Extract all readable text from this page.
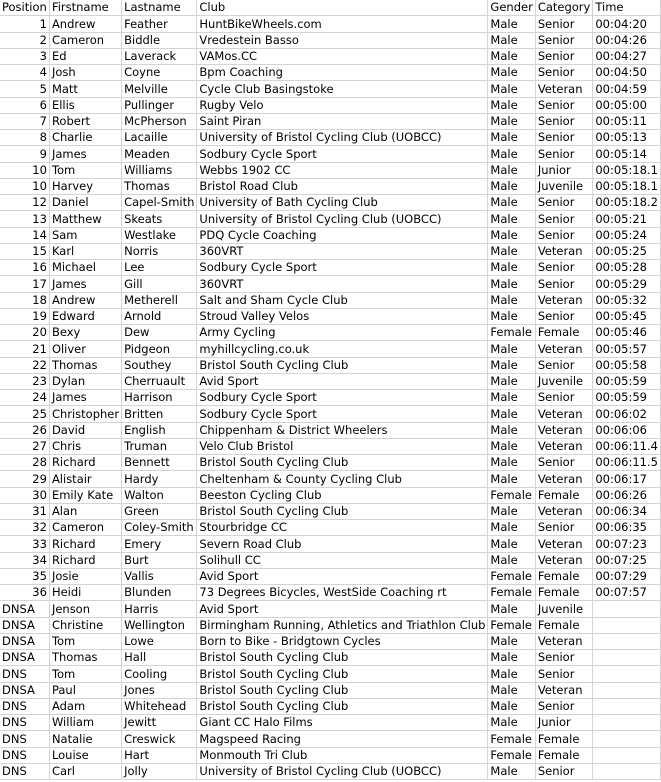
Position	Firstname	Lastname	Club	Gender	Category	Time
1	Andrew	Feather	HuntBikeWheels.com	Male	Senior	00:04:20
2	Cameron	Biddle	Vredestein Basso	Male	Senior	00:04:26
3	Ed	Laverack	VAMos.CC	Male	Senior	00:04:27
4	Josh	Coyne	Bpm Coaching	Male	Senior	00:04:50
5	Matt	Melville	Cycle Club Basingstoke	Male	Veteran	00:04:59
6	Ellis	Pullinger	Rugby Velo	Male	Senior	00:05:00
7	Robert	McPherson	Saint Piran	Male	Senior	00:05:11
8	Charlie	Lacaille	University of Bristol Cycling Club (UOBCC)	Male	Senior	00:05:13
9	James	Meaden	Sodbury Cycle Sport	Male	Senior	00:05:14
10	Tom	Williams	Webbs 1902 CC	Male	Junior	00:05:18.1
10	Harvey	Thomas	Bristol Road Club	Male	Juvenile	00:05:18.1
12	Daniel	Capel-Smith	University of Bath Cycling Club	Male	Senior	00:05:18.2
13	Matthew	Skeats	University of Bristol Cycling Club (UOBCC)	Male	Senior	00:05:21
14	Sam	Westlake	PDQ Cycle Coaching	Male	Senior	00:05:24
15	Karl	Norris	360VRT	Male	Veteran	00:05:25
16	Michael	Lee	Sodbury Cycle Sport	Male	Senior	00:05:28
17	James	Gill	360VRT	Male	Senior	00:05:29
18	Andrew	Metherell	Salt and Sham Cycle Club	Male	Veteran	00:05:32
19	Edward	Arnold	Stroud Valley Velos	Male	Senior	00:05:45
20	Bexy	Dew	Army Cycling	Female	Female	00:05:46
21	Oliver	Pidgeon	myhillcycling.co.uk	Male	Veteran	00:05:57
22	Thomas	Southey	Bristol South Cycling Club	Male	Senior	00:05:58
23	Dylan	Cherruault	Avid Sport	Male	Juvenile	00:05:59
24	James	Harrison	Sodbury Cycle Sport	Male	Senior	00:05:59
25	Christopher	Britten	Sodbury Cycle Sport	Male	Veteran	00:06:02
26	David	English	Chippenham & District Wheelers	Male	Veteran	00:06:06
27	Chris	Truman	Velo Club Bristol	Male	Veteran	00:06:11.4
28	Richard	Bennett	Bristol South Cycling Club	Male	Senior	00:06:11.5
29	Alistair	Hardy	Cheltenham & County Cycling Club	Male	Veteran	00:06:17
30	Emily Kate	Walton	Beeston Cycling Club	Female	Female	00:06:26
31	Alan	Green	Bristol South Cycling Club	Male	Veteran	00:06:34
32	Cameron	Coley-Smith	Stourbridge CC	Male	Senior	00:06:35
33	Richard	Emery	Severn Road Club	Male	Veteran	00:07:23
34	Richard	Burt	Solihull CC	Male	Veteran	00:07:25
35	Josie	Vallis	Avid Sport	Female	Female	00:07:29
36	Heidi	Blunden	73 Degrees Bicycles, WestSide Coaching rt	Female	Female	00:07:57
DNSA	Jenson	Harris	Avid Sport	Male	Juvenile	
DNSA	Christine	Wellington	Birmingham Running, Athletics and Triathlon Club	Female	Female	
DNSA	Tom	Lowe	Born to Bike - Bridgtown Cycles	Male	Veteran	
DNSA	Thomas	Hall	Bristol South Cycling Club	Male	Senior	
DNS	Tom	Cooling	Bristol South Cycling Club	Male	Senior	
DNSA	Paul	Jones	Bristol South Cycling Club	Male	Veteran	
DNS	Adam	Whitehead	Bristol South Cycling Club	Male	Senior	
DNS	William	Jewitt	Giant CC Halo Films	Male	Junior	
DNS	Natalie	Creswick	Magspeed Racing	Female	Female	
DNS	Louise	Hart	Monmouth Tri Club	Female	Female	
DNS	Carl	Jolly	University of Bristol Cycling Club (UOBCC)	Male	Senior	
